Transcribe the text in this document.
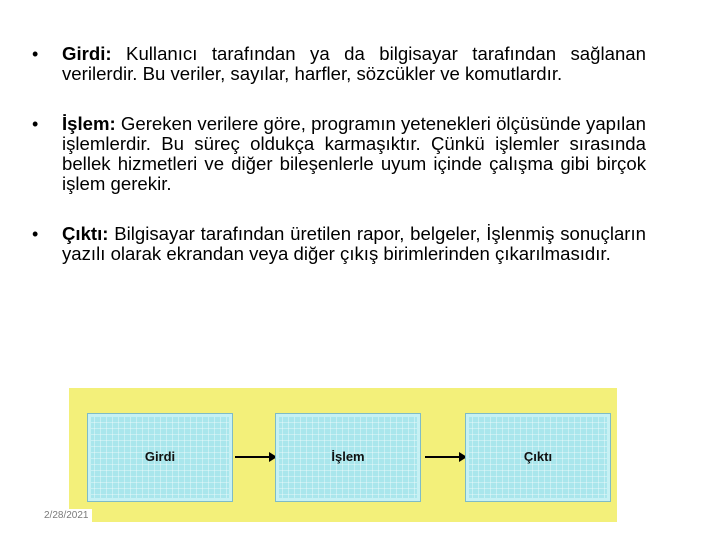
• Girdi: Kullanıcı tarafından ya da bilgisayar tarafından sağlanan verilerdir. Bu veriler, sayılar, harfler, sözcükler ve komutlardır.
• İşlem: Gereken verilere göre, programın yetenekleri ölçüsünde yapılan işlemlerdir. Bu süreç oldukça karmaşıktır. Çünkü işlemler sırasında bellek hizmetleri ve diğer bileşenlerle uyum içinde çalışma gibi birçok işlem gerekir.
• Çıktı: Bilgisayar tarafından üretilen rapor, belgeler, İşlenmiş sonuçların yazılı olarak ekrandan veya diğer çıkış birimlerinden çıkarılmasıdır.
Girdi	İşlem	Çıktı
2/28/2021
